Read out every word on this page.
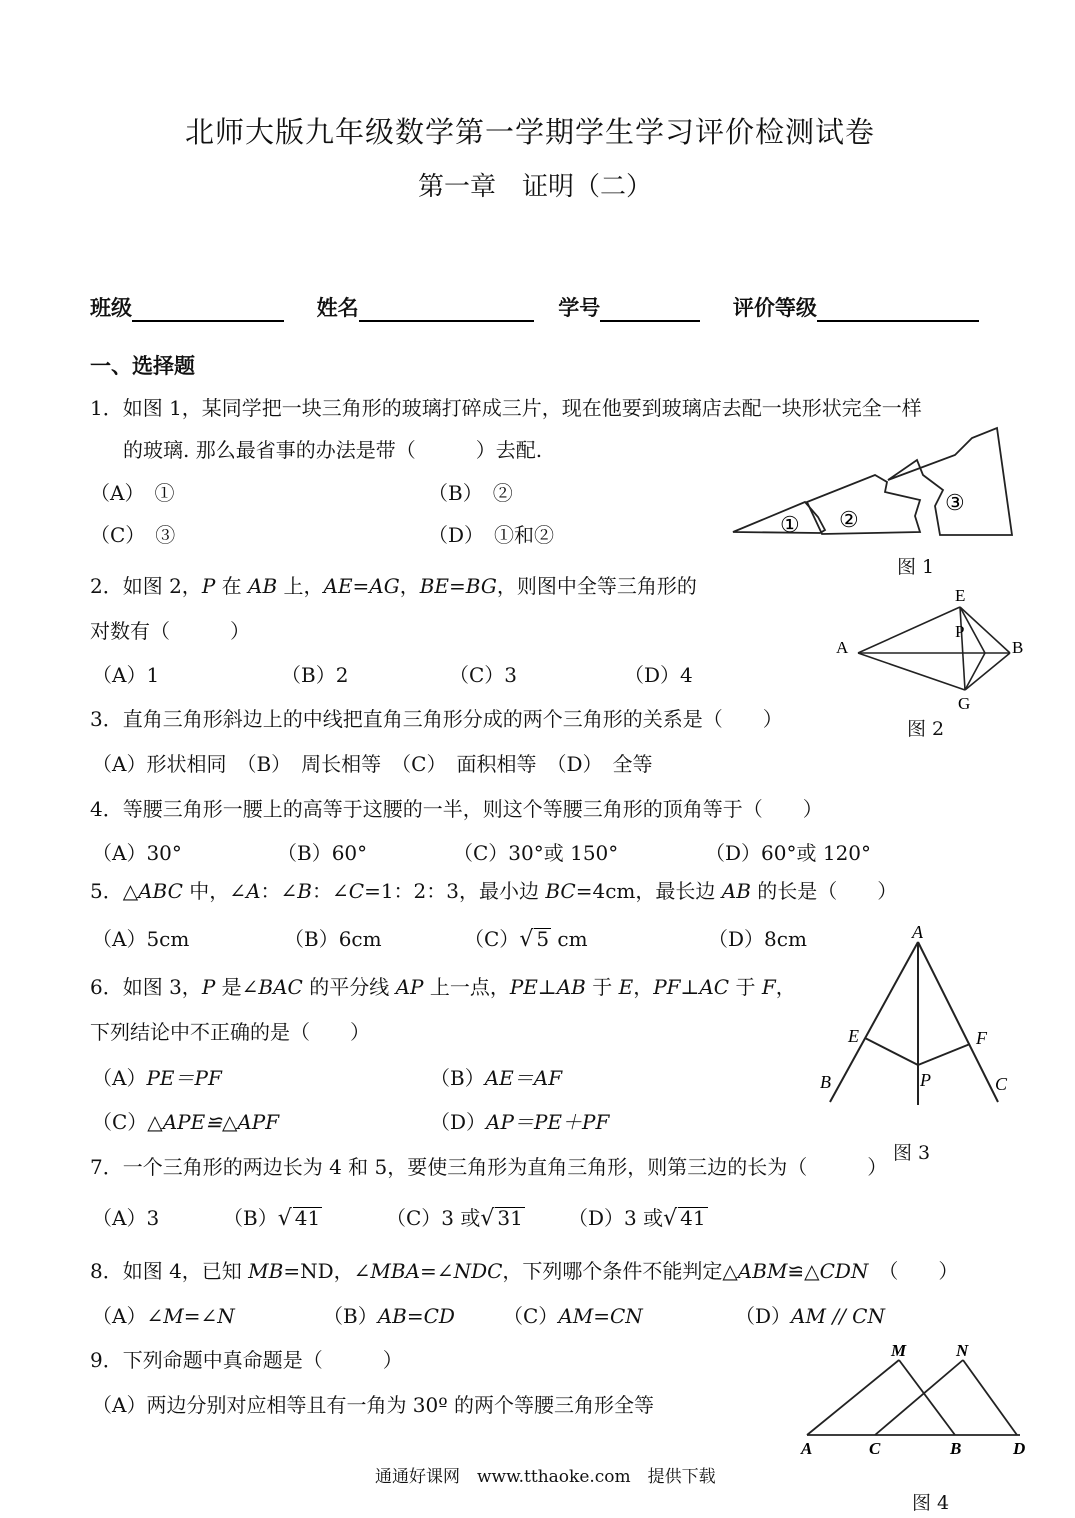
北师大版九年级数学第一学期学生学习评价检测试卷
第一章　证明（二）
班级	姓名	学号	评价等级
一、选择题
1．如图 1，某同学把一块三角形的玻璃打碎成三片，现在他要到玻璃店去配一块形状完全一样
的玻璃. 那么最省事的办法是带（　　　）去配.
（A）　①	（B）　②
（C）　③	（D）　①和②	① ②
③
图 1
2．如图 2，P 在 AB 上，AE=AG，BE=BG，则图中全等三角形的
对数有（　　　）
（A）1	（B）2	（C）3	（D）4
A	B
E
G
P
图 2
3．直角三角形斜边上的中线把直角三角形分成的两个三角形的关系是（　　）
（A）形状相同　（B）　周长相等　（C）　面积相等　（D）　全等
4．等腰三角形一腰上的高等于这腰的一半，则这个等腰三角形的顶角等于（　　）
（A）30°	（B）60°	（C）30°或 150°	（D）60°或 120°
5．△ABC 中，∠A：∠B：∠C=1：2：3，最小边 BC=4cm，最长边 AB 的长是（　　）
（A）5cm	（B）6cm	（C）√ 5 cm	（D）8cm
6．如图 3，P 是∠BAC 的平分线 AP 上一点，PE⊥AB 于 E，PF⊥AC 于 F，
下列结论中不正确的是（　　）
（A）PE＝PF	（B）AE＝AF
（C）△APE≌△APF	（D）AP＝PE＋PF
A
B	C
E	F
P
图 3
7．一个三角形的两边长为 4 和 5，要使三角形为直角三角形，则第三边的长为（　　　）
（A）3	（B）√ 41	（C）3 或√ 31 （D）3 或√ 41
8．如图 4，已知 MB=ND，∠MBA=∠NDC，下列哪个条件不能判定△ABM≌△CDN　（　　）
（A）∠M=∠N	（B）AB=CD （C）AM=CN	（D）AM // CN
9．下列命题中真命题是（　　　）
（A）两边分别对应相等且有一角为 30º 的两个等腰三角形全等
M	N
A	C	B	D
图 4
通通好课网　www.tthaoke.com　提供下载
